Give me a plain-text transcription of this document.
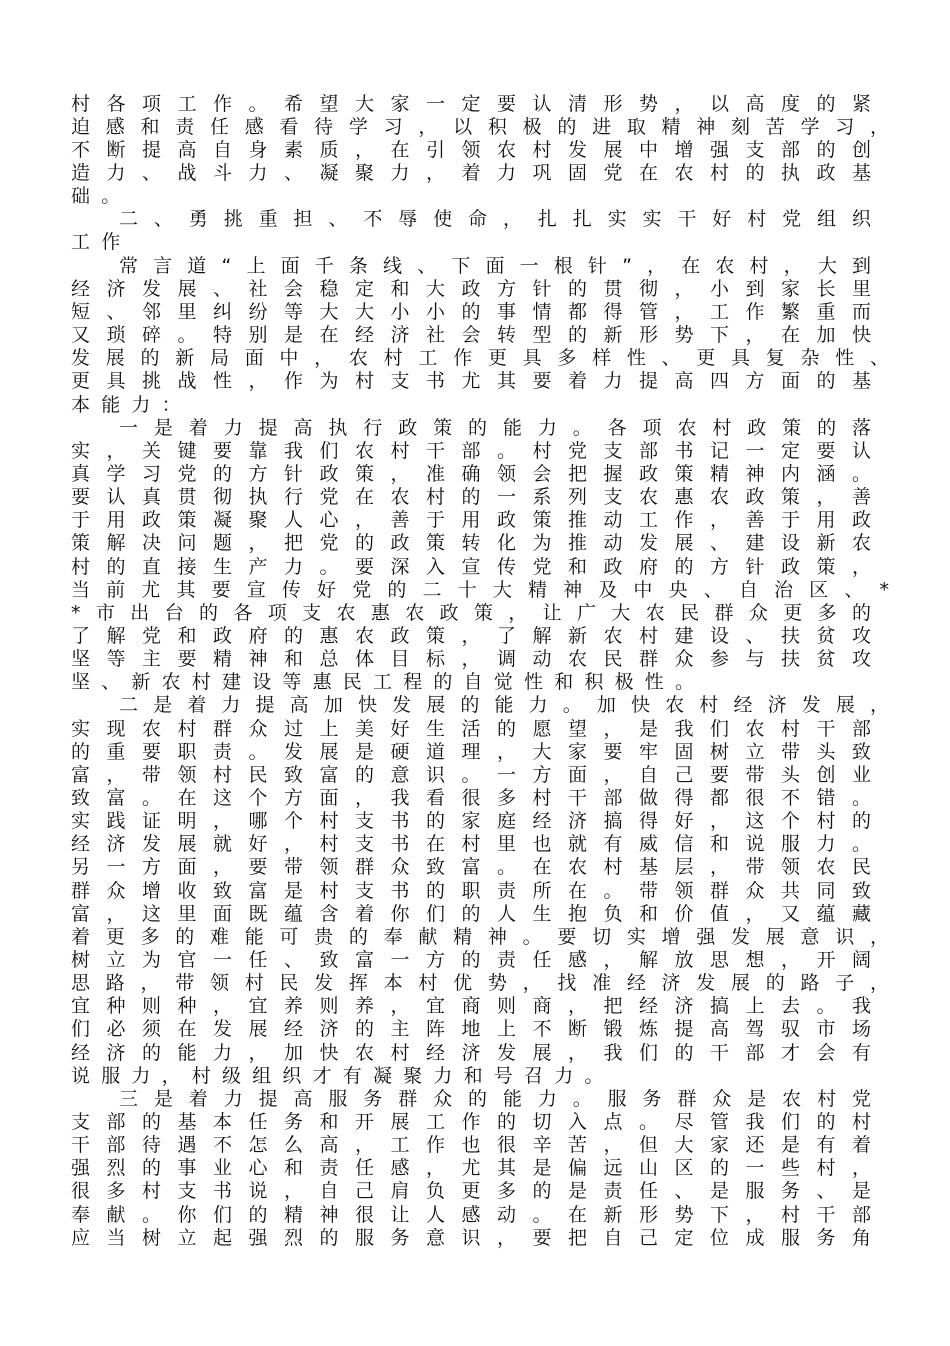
村各项工作。希望大家一定要认清形势，以高度的紧
迫感和责任感看待学习，以积极的进取精神刻苦学习，
不断提高自身素质，在引领农村发展中增强支部的创
造力、战斗力、凝聚力，着力巩固党在农村的执政基
础。
二、勇挑重担、不辱使命，扎扎实实干好村党组织
工作
常言道“上面千条线、下面一根针”，在农村，大到
经济发展、社会稳定和大政方针的贯彻，小到家长里
短、邻里纠纷等大大小小的事情都得管，工作繁重而
又琐碎。特别是在经济社会转型的新形势下，在加快
发展的新局面中，农村工作更具多样性、更具复杂性、
更具挑战性，作为村支书尤其要着力提高四方面的基
本能力：
一是着力提高执行政策的能力。各项农村政策的落
实，关键要靠我们农村干部。村党支部书记一定要认
真学习党的方针政策，准确领会把握政策精神内涵。
要认真贯彻执行党在农村的一系列支农惠农政策，善
于用政策凝聚人心，善于用政策推动工作，善于用政
策解决问题，把党的政策转化为推动发展、建设新农
村的直接生产力。要深入宣传党和政府的方针政策，
当前尤其要宣传好党的二十大精神及中央、自治区、*
*市出台的各项支农惠农政策，让广大农民群众更多的
了解党和政府的惠农政策，了解新农村建设、扶贫攻
坚等主要精神和总体目标，调动农民群众参与扶贫攻
坚、新农村建设等惠民工程的自觉性和积极性。
二是着力提高加快发展的能力。加快农村经济发展，
实现农村群众过上美好生活的愿望，是我们农村干部
的重要职责。发展是硬道理，大家要牢固树立带头致
富，带领村民致富的意识。一方面，自己要带头创业
致富。在这个方面，我看很多村干部做得都很不错。
实践证明，哪个村支书的家庭经济搞得好，这个村的
经济发展就好，村支书在村里也就有威信和说服力。
另一方面，要带领群众致富。在农村基层，带领农民
群众增收致富是村支书的职责所在。带领群众共同致
富，这里面既蕴含着你们的人生抱负和价值，又蕴藏
着更多的难能可贵的奉献精神。要切实增强发展意识，
树立为官一任、致富一方的责任感，解放思想，开阔
思路，带领村民发挥本村优势，找准经济发展的路子，
宜种则种，宜养则养，宜商则商，把经济搞上去。我
们必须在发展经济的主阵地上不断锻炼提高驾驭市场
经济的能力，加快农村经济发展，我们的干部才会有
说服力，村级组织才有凝聚力和号召力。
三是着力提高服务群众的能力。服务群众是农村党
支部的基本任务和开展工作的切入点。尽管我们的村
干部待遇不怎么高，工作也很辛苦，但大家还是有着
强烈的事业心和责任感，尤其是偏远山区的一些村，
很多村支书说，自己肩负更多的是责任、是服务、是
奉献。你们的精神很让人感动。在新形势下，村干部
应当树立起强烈的服务意识，要把自己定位成服务角
